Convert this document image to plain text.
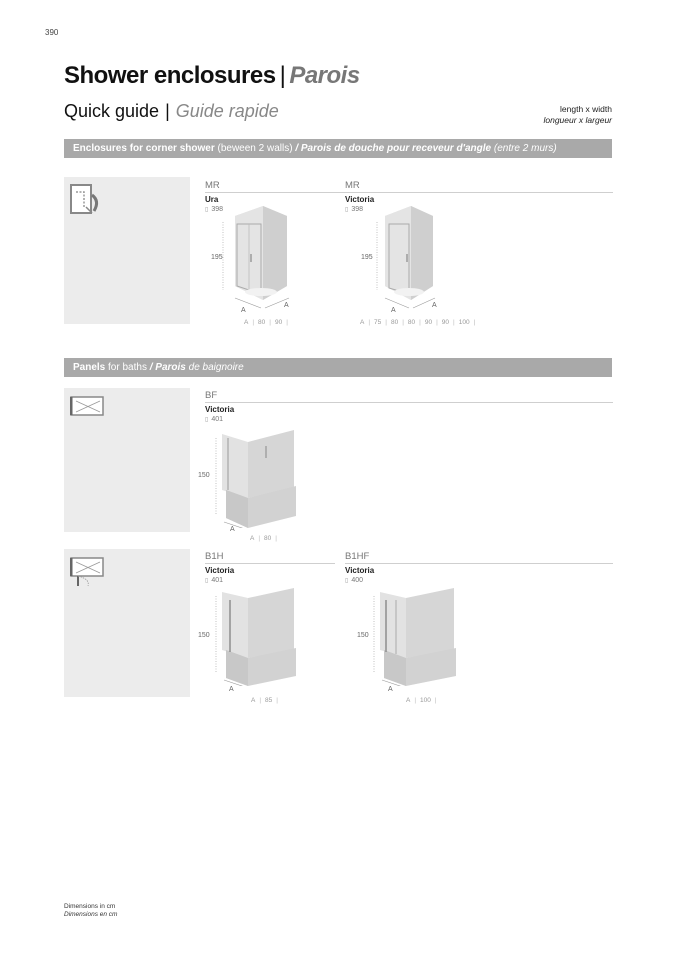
390
Shower enclosures | Parois
Quick guide | Guide rapide	length x width
longueur x largeur
Enclosures for corner shower (beween 2 walls) / Parois de douche pour receveur d'angle (entre 2 murs)
MR
Ura
▯ 398
195
A
A
A | 80 | 90 |
MR
Victoria
▯ 398
195
A
A
A | 75 | 80 | 80 | 90 | 90 | 100 |
Panels for baths / Parois de baignoire
BF
Victoria
▯ 401
150
A
A | 80 |
B1H
Victoria
▯ 401
150
A
A | 85 |
B1HF
Victoria
▯ 400
150
A
A | 100 |
Dimensions in cm
Dimensions en cm
